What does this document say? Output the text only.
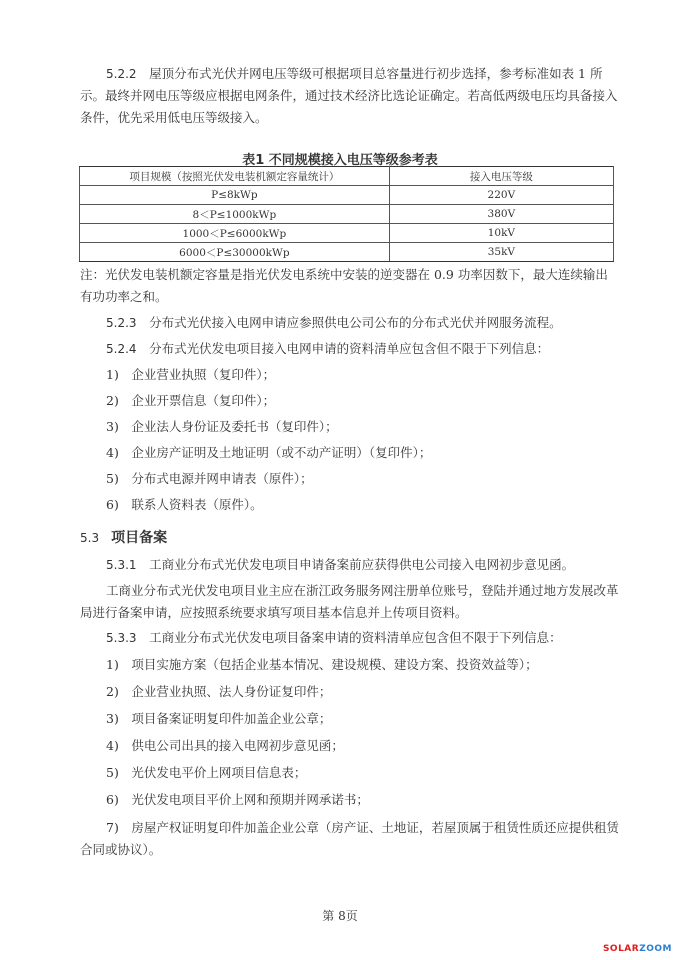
5.2.2　 屋顶分布式光伏并网电压等级可根据项目总容量进行初步选择，参考标准如表 1 所示。最终并网电压等级应根据电网条件，通过技术经济比选论证确定。若高低两级电压均具备接入条件，优先采用低电压等级接入。

表1 不同规模接入电压等级参考表
项目规模（按照光伏发电装机额定容量统计）	接入电压等级
P≤8kWp	220V
8＜P≤1000kWp	380V
1000＜P≤6000kWp	10kV
6000＜P≤30000kWp	35kV

注：光伏发电装机额定容量是指光伏发电系统中安装的逆变器在 0.9 功率因数下，最大连续输出有功功率之和。

5.2.3　 分布式光伏接入电网申请应参照供电公司公布的分布式光伏并网服务流程。

5.2.4　 分布式光伏发电项目接入电网申请的资料清单应包含但不限于下列信息：

1)　企业营业执照（复印件）；

2)　企业开票信息（复印件）；

3)　企业法人身份证及委托书（复印件）；

4)　企业房产证明及土地证明（或不动产证明）（复印件）；

5)　分布式电源并网申请表（原件）；

6)　联系人资料表（原件）。

5.3 项目备案

5.3.1　 工商业分布式光伏发电项目申请备案前应获得供电公司接入电网初步意见函。

工商业分布式光伏发电项目业主应在浙江政务服务网注册单位账号，登陆并通过地方发展改革局进行备案申请，应按照系统要求填写项目基本信息并上传项目资料。

5.3.3　 工商业分布式光伏发电项目备案申请的资料清单应包含但不限于下列信息：

1)　项目实施方案（包括企业基本情况、建设规模、建设方案、投资效益等）；

2)　企业营业执照、法人身份证复印件；

3)　项目备案证明复印件加盖企业公章；

4)　供电公司出具的接入电网初步意见函；

5)　光伏发电平价上网项目信息表；

6)　光伏发电项目平价上网和预期并网承诺书；

7)　房屋产权证明复印件加盖企业公章（房产证、土地证，若屋顶属于租赁性质还应提供租赁合同或协议）。

第 8页
SOLARZOOM
